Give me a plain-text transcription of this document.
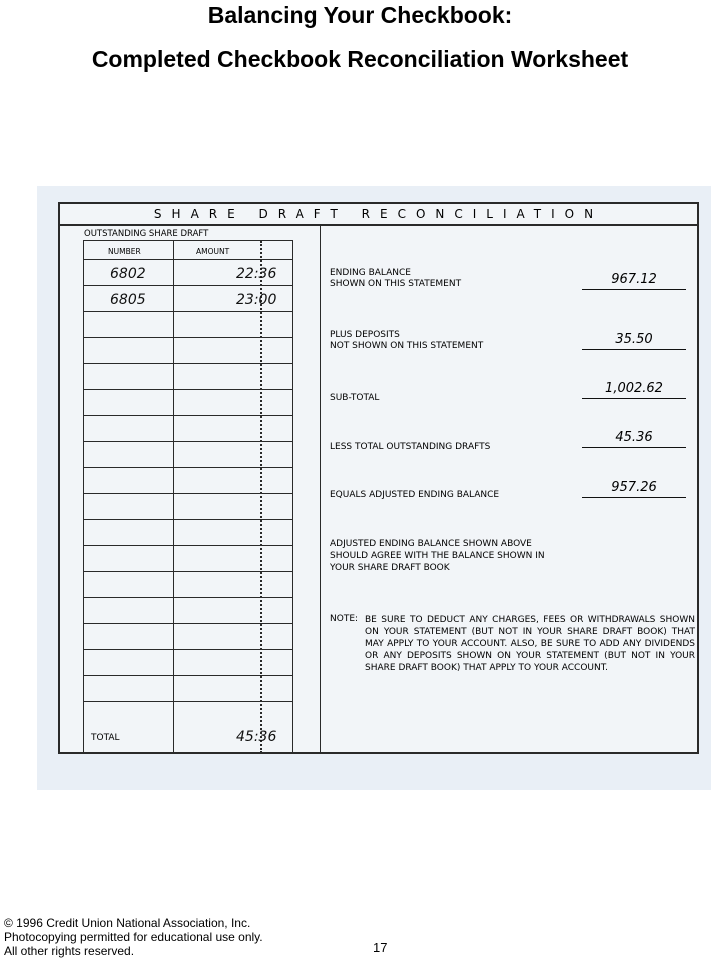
Balancing Your Checkbook:
Completed Checkbook Reconciliation Worksheet
SHARE DRAFT RECONCILIATION
OUTSTANDING SHARE DRAFT
NUMBER	AMOUNT
6802	22:36
6805	23:00
TOTAL	45:36
ENDING BALANCE
SHOWN ON THIS STATEMENT	967.12
PLUS DEPOSITS
NOT SHOWN ON THIS STATEMENT	35.50
SUB-TOTAL
1,002.62
LESS TOTAL OUTSTANDING DRAFTS
45.36
EQUALS ADJUSTED ENDING BALANCE	957.26
ADJUSTED ENDING BALANCE SHOWN ABOVE
SHOULD AGREE WITH THE BALANCE SHOWN IN
YOUR SHARE DRAFT BOOK
NOTE: BE SURE TO DEDUCT ANY CHARGES, FEES OR WITHDRAWALS SHOWN ON YOUR STATEMENT (BUT NOT IN YOUR SHARE DRAFT BOOK) THAT MAY APPLY TO YOUR ACCOUNT. ALSO, BE SURE TO ADD ANY DIVIDENDS OR ANY DEPOSITS SHOWN ON YOUR STATEMENT (BUT NOT IN YOUR SHARE DRAFT BOOK) THAT APPLY TO YOUR ACCOUNT.
© 1996 Credit Union National Association, Inc.
Photocopying permitted for educational use only.
All other rights reserved.	17
